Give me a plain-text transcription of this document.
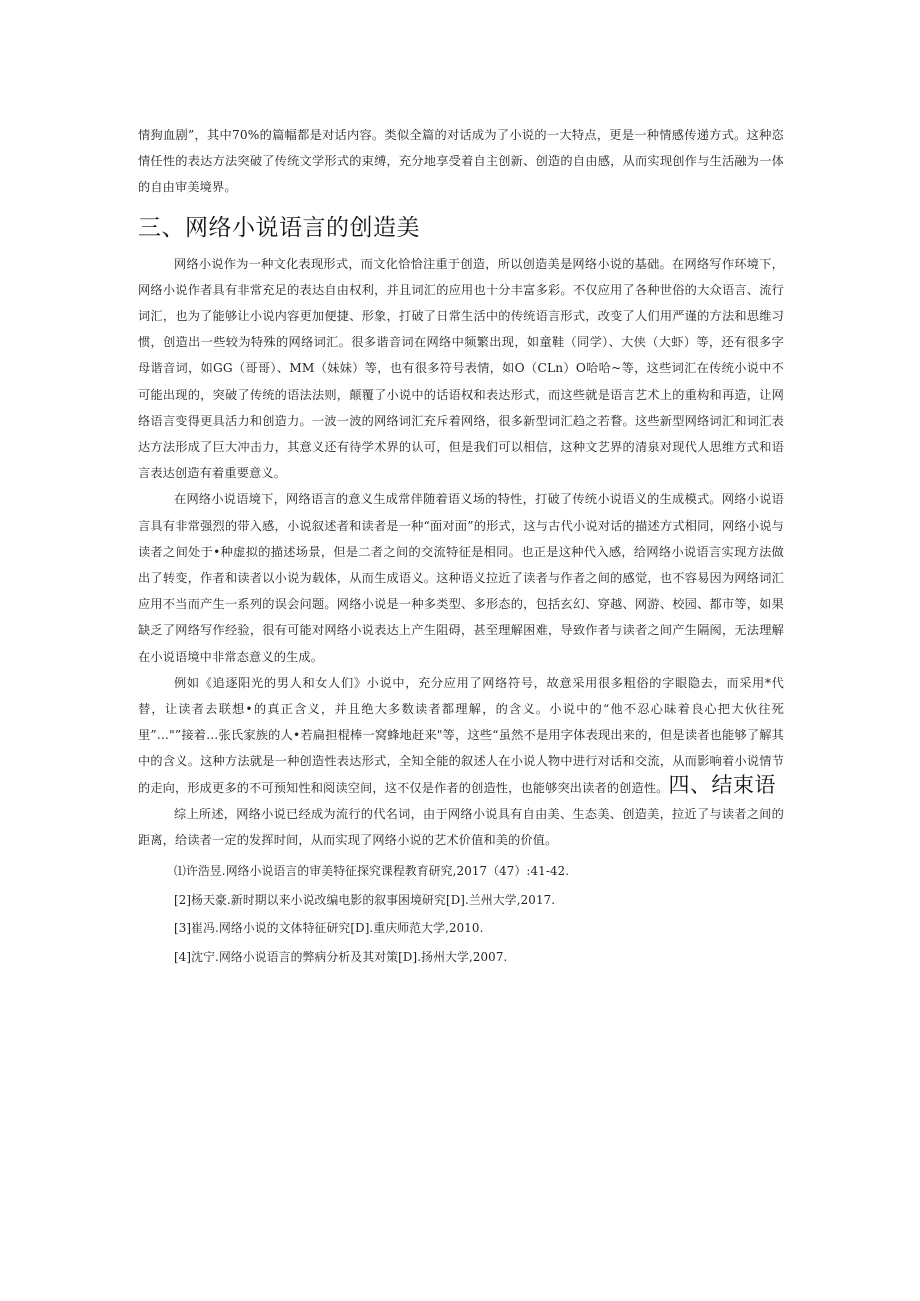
情狗血剧”，其中70%的篇幅都是对话内容。类似全篇的对话成为了小说的一大特点，更是一种情感传递方式。这种恣情任性的表达方法突破了传统文学形式的束缚，充分地享受着自主创新、创造的自由感，从而实现创作与生活融为一体的自由审美境界。

三、网络小说语言的创造美

网络小说作为一种文化表现形式，而文化恰恰注重于创造，所以创造美是网络小说的基础。在网络写作环境下，网络小说作者具有非常充足的表达自由权利，并且词汇的应用也十分丰富多彩。不仅应用了各种世俗的大众语言、流行词汇，也为了能够让小说内容更加便捷、形象，打破了日常生活中的传统语言形式，改变了人们用严谨的方法和思维习惯，创造出一些较为特殊的网络词汇。很多谐音词在网络中频繁出现，如童鞋（同学）、大侠（大虾）等，还有很多字母谐音词，如GG（哥哥）、MM（妹妹）等，也有很多符号表情，如O（CLn）O哈哈~等，这些词汇在传统小说中不可能出现的，突破了传统的语法法则，颠覆了小说中的话语权和表达形式，而这些就是语言艺术上的重构和再造，让网络语言变得更具活力和创造力。一波一波的网络词汇充斥着网络，很多新型词汇趋之若瞀。这些新型网络词汇和词汇表达方法形成了巨大冲击力，其意义还有待学术界的认可，但是我们可以相信，这种文艺界的清泉对现代人思维方式和语言表达创造有着重要意义。

在网络小说语境下，网络语言的意义生成常伴随着语义场的特性，打破了传统小说语义的生成模式。网络小说语言具有非常强烈的带入感，小说叙述者和读者是一种“面对面”的形式，这与古代小说对话的描述方式相同，网络小说与读者之间处于•种虚拟的描述场景，但是二者之间的交流特征是相同。也正是这种代入感，给网络小说语言实现方法做出了转变，作者和读者以小说为载体，从而生成语义。这种语义拉近了读者与作者之间的感觉，也不容易因为网络词汇应用不当而产生一系列的误会问题。网络小说是一种多类型、多形态的，包括玄幻、穿越、网游、校园、都市等，如果缺乏了网络写作经验，很有可能对网络小说表达上产生阻碍，甚至理解困难，导致作者与读者之间产生隔阂，无法理解在小说语境中非常态意义的生成。

例如《追逐阳光的男人和女人们》小说中，充分应用了网络符号，故意采用很多粗俗的字眼隐去，而采用*代替，让读者去联想•的真正含义，并且绝大多数读者都理解，的含义。小说中的“他不忍心昧着良心把大伙往死里”…"”接着…张氏家族的人•若扁担棍棒一窝蜂地赶来"等，这些“虽然不是用字体表现出来的，但是读者也能够了解其中的含义。这种方法就是一种创造性表达形式，全知全能的叙述人在小说人物中进行对话和交流，从而影响着小说情节的走向，形成更多的不可预知性和阅读空间，这不仅是作者的创造性，也能够突出读者的创造性。四、结束语

综上所述，网络小说已经成为流行的代名词，由于网络小说具有自由美、生态美、创造美，拉近了与读者之间的距离，给读者一定的发挥时间，从而实现了网络小说的艺术价值和美的价值。

⑴许浩昱.网络小说语言的审美特征探究课程教育研究,2017（47）:41-42.

[2]杨天豪.新时期以来小说改编电影的叙事困境研究[D].兰州大学,2017.

[3]崔冯.网络小说的文体特征研究[D].重庆师范大学,2010.

[4]沈宁.网络小说语言的弊病分析及其对策[D].扬州大学,2007.
